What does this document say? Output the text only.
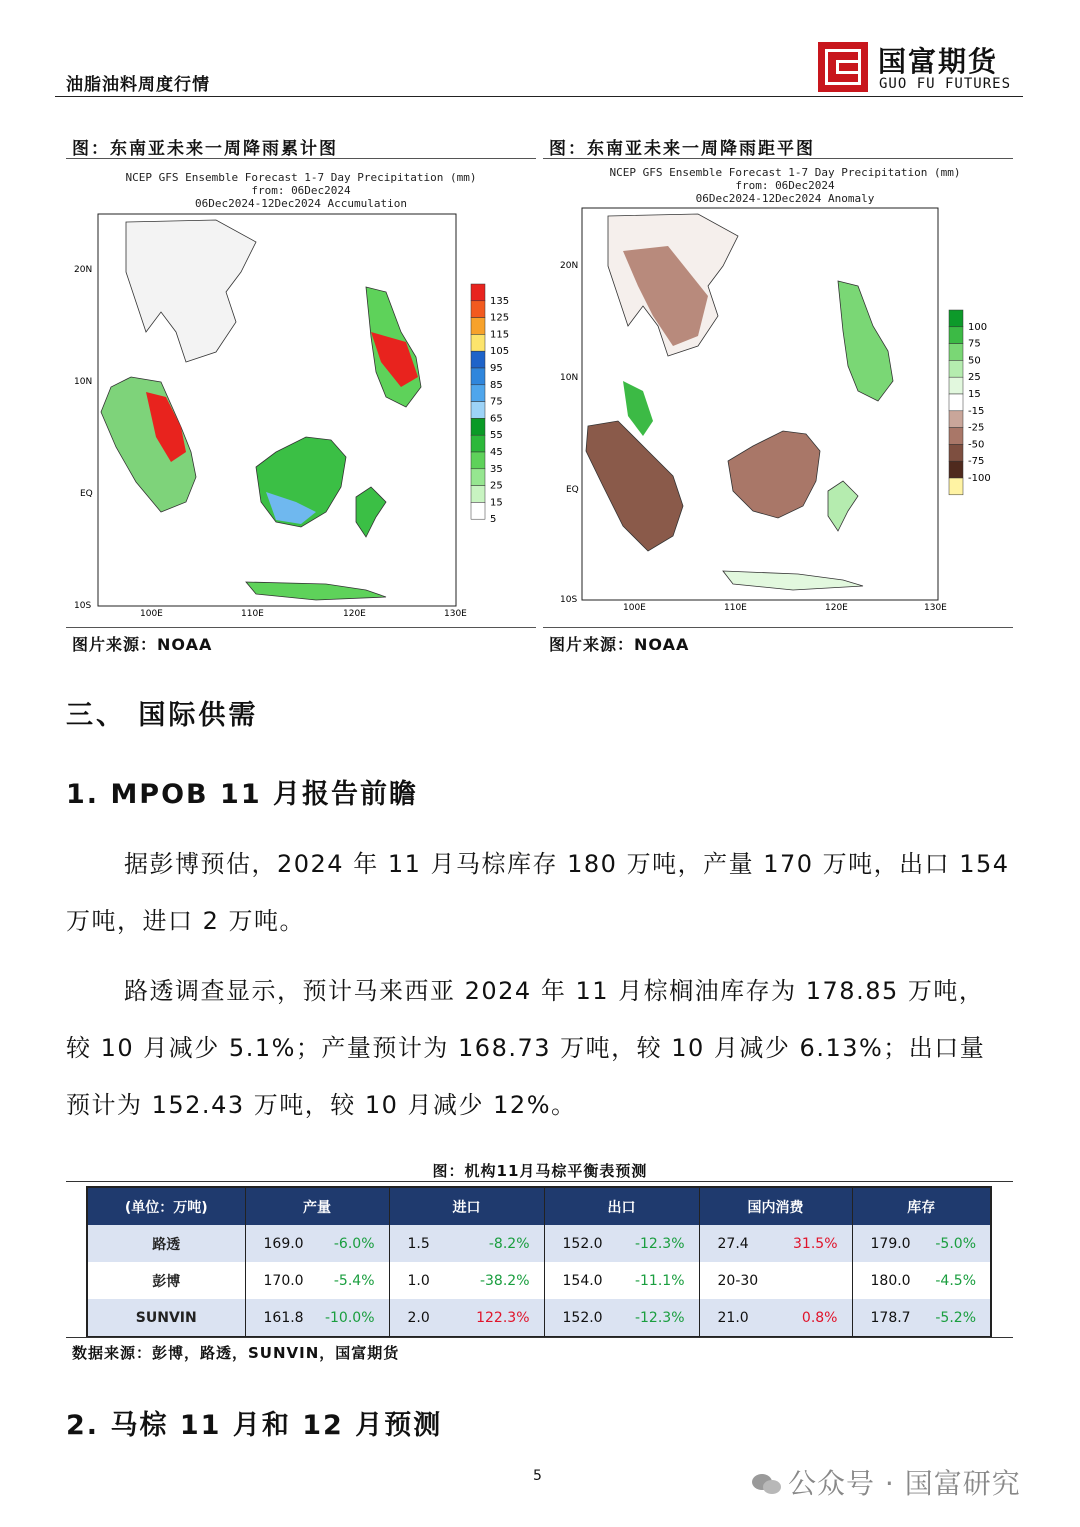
油脂油料周度行情
国富期货
GUO FU FUTURES
图：东南亚未来一周降雨累计图
NCEP GFS Ensemble Forecast 1-7 Day Precipitation (mm)
from: 06Dec2024
06Dec2024-12Dec2024 Accumulation
20N
10N
EQ
10S
100E	110E	120E	130E
135
125
115
105
95
85
75
65
55
45
35
25
15
5
图片来源：NOAA
图：东南亚未来一周降雨距平图
NCEP GFS Ensemble Forecast 1-7 Day Precipitation (mm)
from: 06Dec2024
06Dec2024-12Dec2024 Anomaly
20N
10N
EQ
10S
100E	110E	120E	130E
100
75
50
25
15
-15
-25
-50
-75
-100
图片来源：NOAA
三、 国际供需
1. MPOB 11 月报告前瞻
据彭博预估，2024 年 11 月马棕库存 180 万吨，产量 170 万吨，出口 154
万吨，进口 2 万吨。
路透调查显示，预计马来西亚 2024 年 11 月棕榈油库存为 178.85 万吨，
较 10 月减少 5.1%；产量预计为 168.73 万吨，较 10 月减少 6.13%；出口量
预计为 152.43 万吨，较 10 月减少 12%。
图：机构11月马棕平衡表预测
(单位：万吨)	产量		进口		出口		国内消费		库存	
路透	169.0	-6.0%	1.5	-8.2%	152.0	-12.3%	27.4	31.5%	179.0	-5.0%
彭博	170.0	-5.4%	1.0	-38.2%	154.0	-11.1%	20-30		180.0	-4.5%
SUNVIN	161.8	-10.0%	2.0	122.3%	152.0	-12.3%	21.0	0.8%	178.7	-5.2%
数据来源：彭博，路透，SUNVIN，国富期货
2. 马棕 11 月和 12 月预测
5	公众号 · 国富研究
